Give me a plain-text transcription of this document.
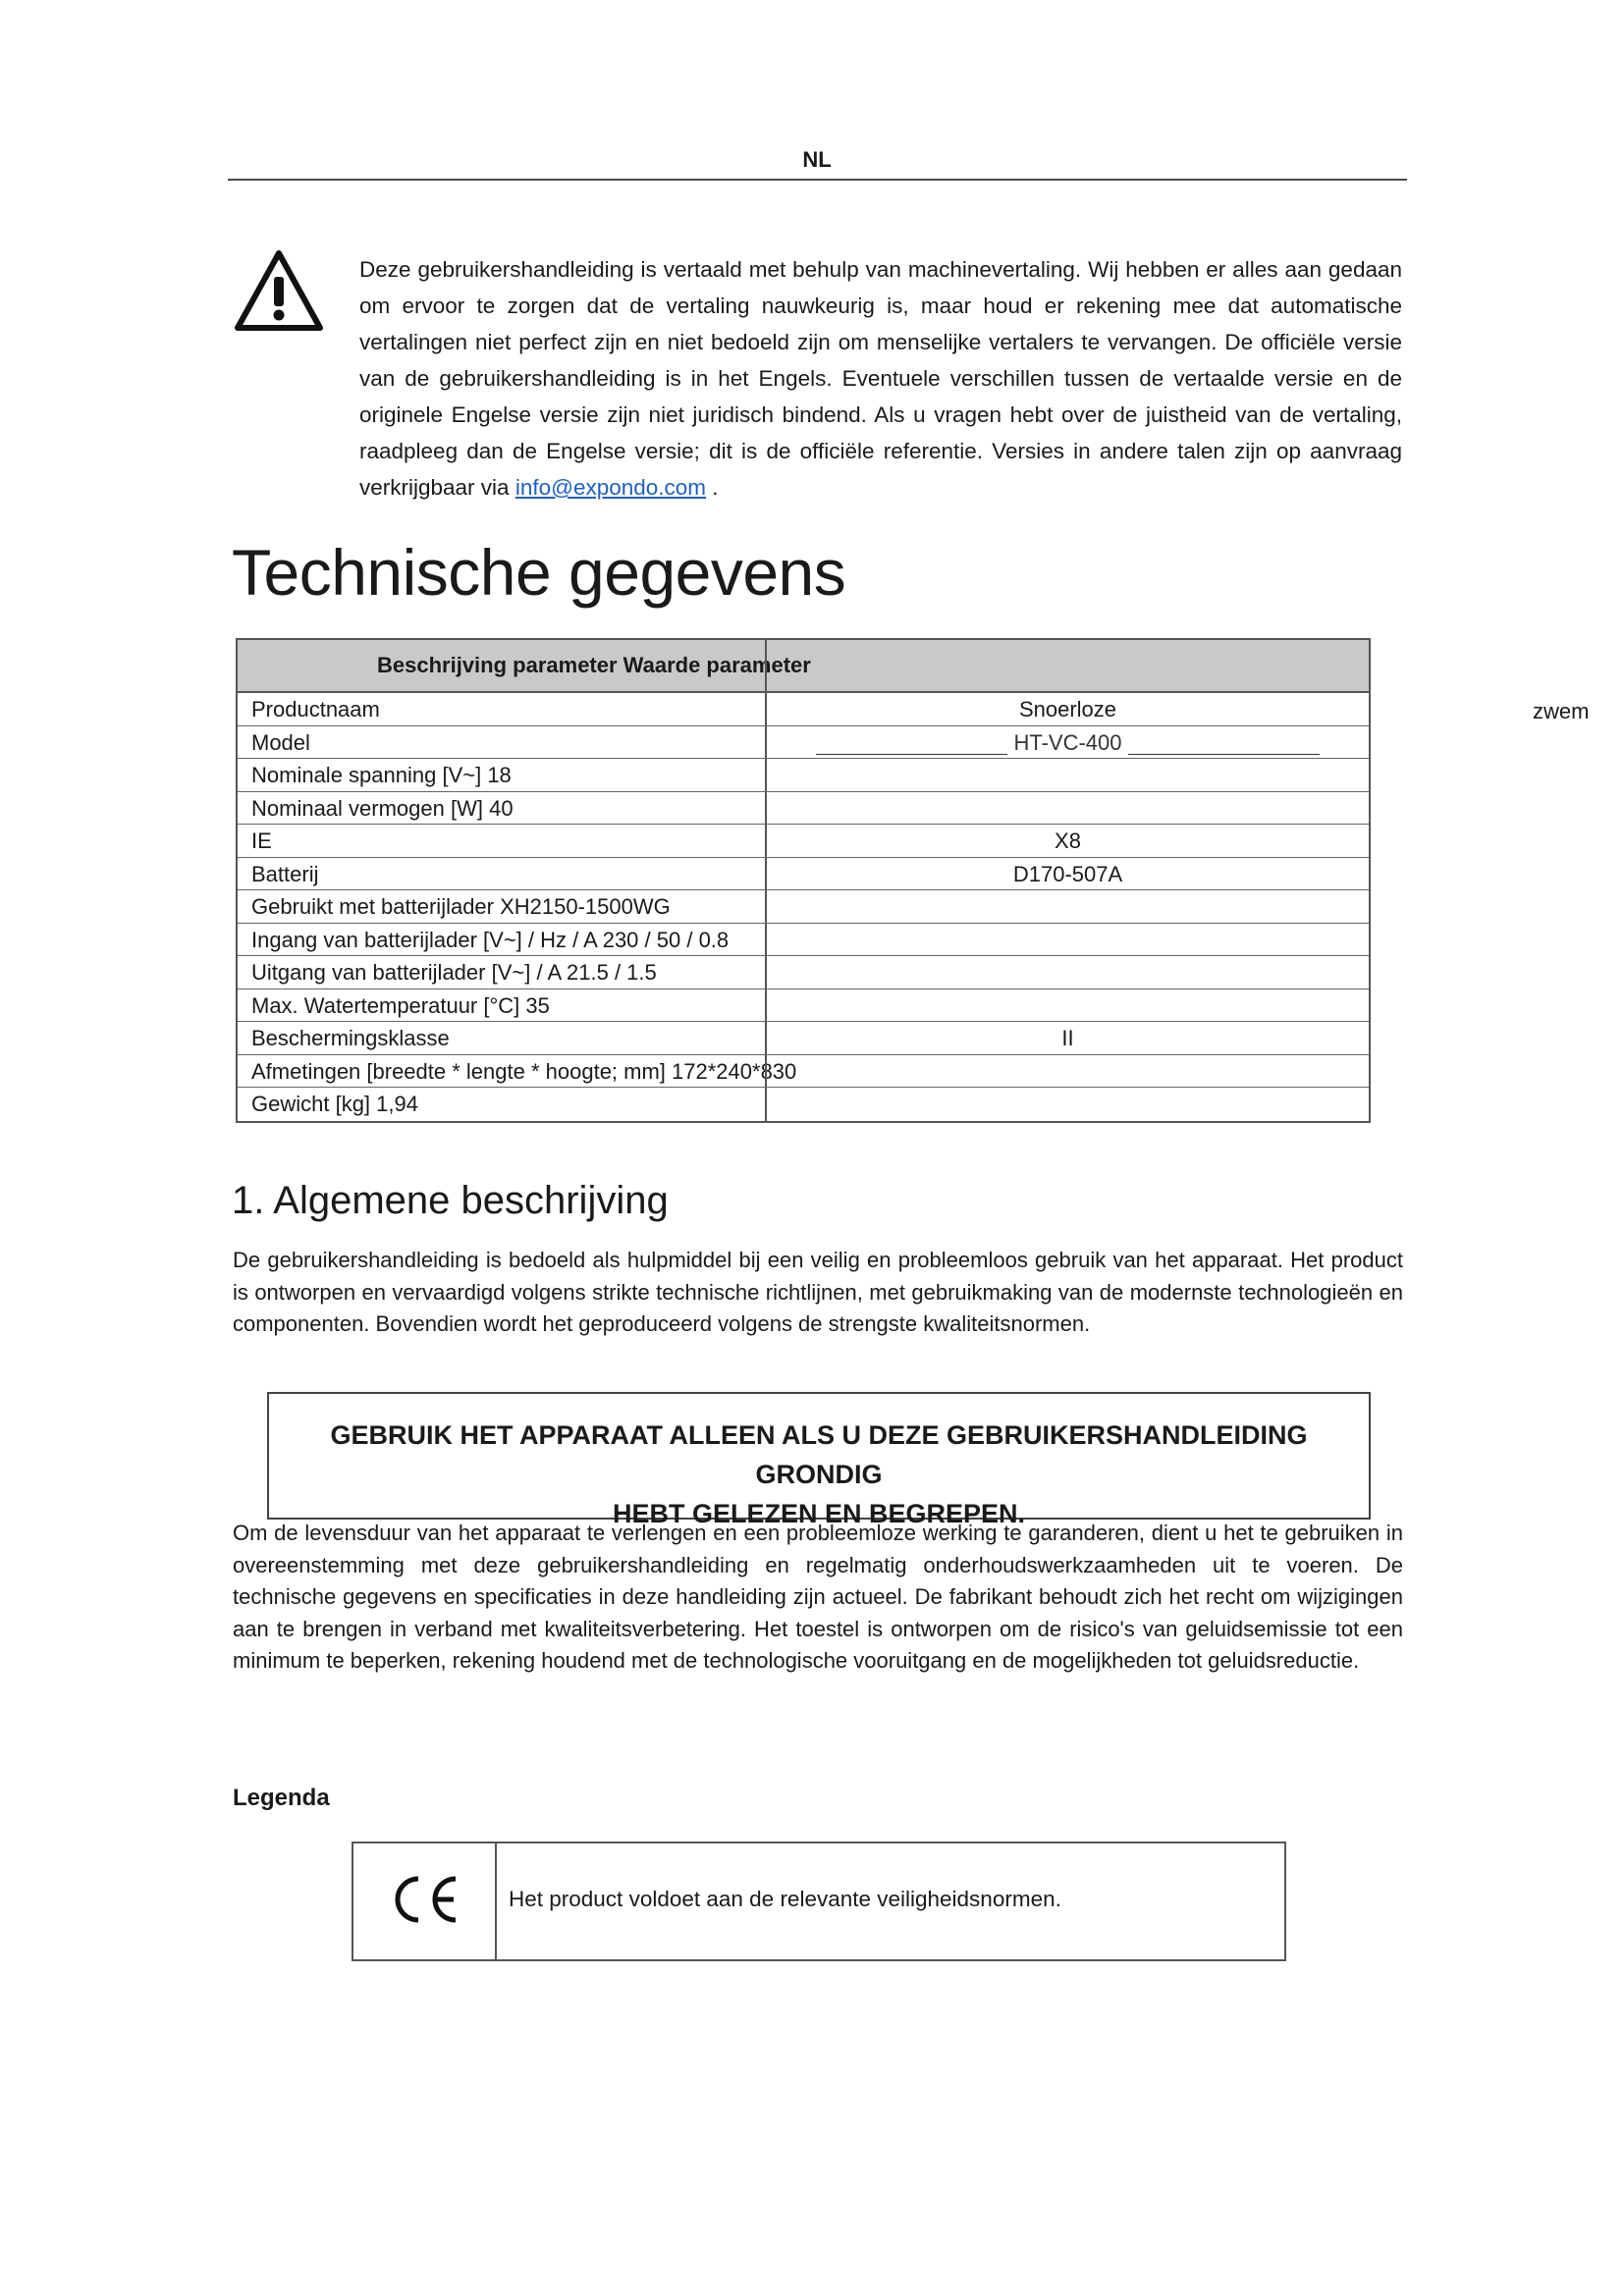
NL
Deze gebruikershandleiding is vertaald met behulp van machinevertaling. Wij hebben er alles aan gedaan om ervoor te zorgen dat de vertaling nauwkeurig is, maar houd er rekening mee dat automatische vertalingen niet perfect zijn en niet bedoeld zijn om menselijke vertalers te vervangen. De officiële versie van de gebruikershandleiding is in het Engels. Eventuele verschillen tussen de vertaalde versie en de originele Engelse versie zijn niet juridisch bindend. Als u vragen hebt over de juistheid van de vertaling, raadpleeg dan de Engelse versie; dit is de officiële referentie. Versies in andere talen zijn op aanvraag verkrijgbaar via info@expondo.com .
Technische gegevens
Beschrijving parameter Waarde parameter
Productnaam	Snoerloze
Model	HT-VC-400
Nominale spanning [V~] 18
Nominaal vermogen [W] 40
IE	X8
Batterij	D170-507A
Gebruikt met batterijlader XH2150-1500WG
Ingang van batterijlader [V~] / Hz / A 230 / 50 / 0.8
Uitgang van batterijlader [V~] / A 21.5 / 1.5
Max. Watertemperatuur [°C] 35
Beschermingsklasse	II
Afmetingen [breedte * lengte * hoogte; mm] 172*240*830
Gewicht [kg] 1,94
zwem
1. Algemene beschrijving
De gebruikershandleiding is bedoeld als hulpmiddel bij een veilig en probleemloos gebruik van het apparaat. Het product is ontworpen en vervaardigd volgens strikte technische richtlijnen, met gebruikmaking van de modernste technologieën en componenten. Bovendien wordt het geproduceerd volgens de strengste kwaliteitsnormen.
GEBRUIK HET APPARAAT ALLEEN ALS U DEZE GEBRUIKERSHANDLEIDING GRONDIG
HEBT GELEZEN EN BEGREPEN.
Om de levensduur van het apparaat te verlengen en een probleemloze werking te garanderen, dient u het te gebruiken in overeenstemming met deze gebruikershandleiding en regelmatig onderhoudswerkzaamheden uit te voeren. De technische gegevens en specificaties in deze handleiding zijn actueel. De fabrikant behoudt zich het recht om wijzigingen aan te brengen in verband met kwaliteitsverbetering. Het toestel is ontworpen om de risico's van geluidsemissie tot een minimum te beperken, rekening houdend met de technologische vooruitgang en de mogelijkheden tot geluidsreductie.
Legenda
Het product voldoet aan de relevante veiligheidsnormen.
